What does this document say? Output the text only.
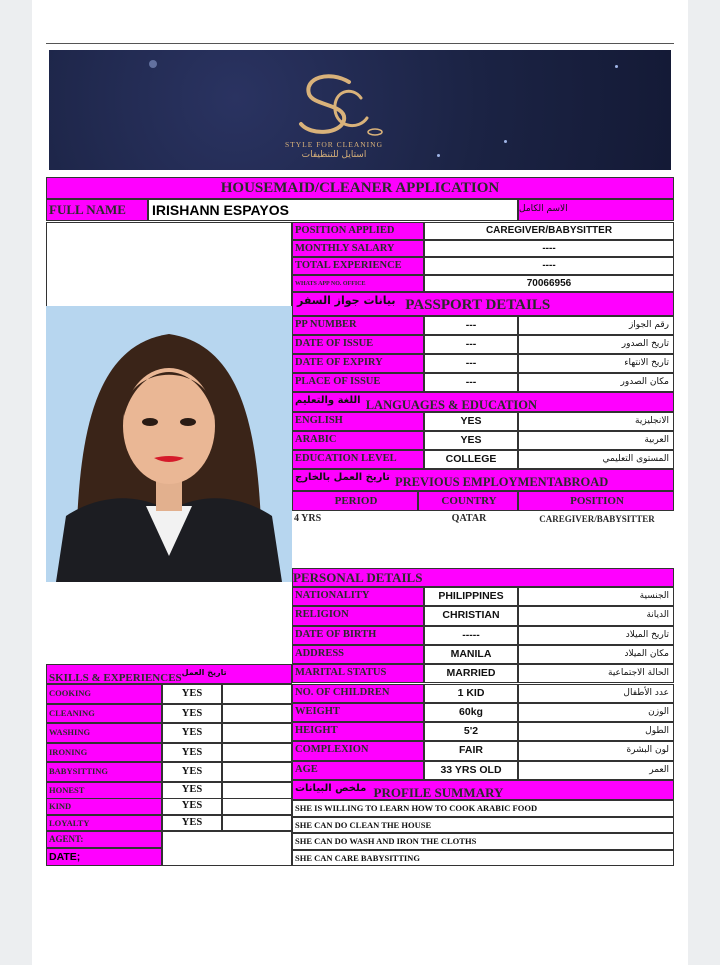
STYLE FOR CLEANING
استايل للتنظيفات
HOUSEMAID/CLEANER APPLICATION
FULL NAME	IRISHANN ESPAYOS	الاسم الكامل
POSITION APPLIED	CAREGIVER/BABYSITTER
MONTHLY SALARY	----
TOTAL EXPERIENCE	----
WHATS APP NO. OFFICE	70066956
بيانات جواز السفر PASSPORT DETAILS
PP NUMBER	---	رقم الجواز
DATE OF ISSUE	---	تاريخ الصدور
DATE OF EXPIRY	---	تاريخ الانتهاء
PLACE OF ISSUE	---	مكان الصدور
اللغة والتعليم LANGUAGES & EDUCATION
ENGLISH	YES	الانجليزية
ARABIC	YES	العربية
EDUCATION LEVEL	COLLEGE	المستوى التعليمي
تاريخ العمل بالخارج PREVIOUS EMPLOYMENTABROAD
PERIOD	COUNTRY	POSITION
4 YRS	QATAR	CAREGIVER/BABYSITTER
PERSONAL DETAILS
NATIONALITY	PHILIPPINES	الجنسية
RELIGION	CHRISTIAN	الديانة
DATE OF BIRTH	-----	تاريخ الميلاد
ADDRESS	MANILA	مكان الميلاد
MARITAL STATUS	MARRIED	الحالة الاجتماعية
NO. OF CHILDREN	1 KID	عدد الأطفال
WEIGHT	60kg	الوزن
HEIGHT	5'2	الطول
COMPLEXION	FAIR	لون البشرة
AGE	33 YRS OLD	العمر
SKILLS & EXPERIENCESتاريخ العمل
COOKING	YES
CLEANING	YES
WASHING	YES
IRONING	YES
BABYSITTING	YES
HONEST	YES
KIND	YES
LOYALTY	YES
ملخص البيانات PROFILE SUMMARY
SHE IS WILLING TO LEARN HOW TO COOK ARABIC FOOD
SHE CAN DO CLEAN THE HOUSE
SHE CAN DO WASH AND IRON THE CLOTHS
SHE CAN CARE BABYSITTING
AGENT:
DATE;
